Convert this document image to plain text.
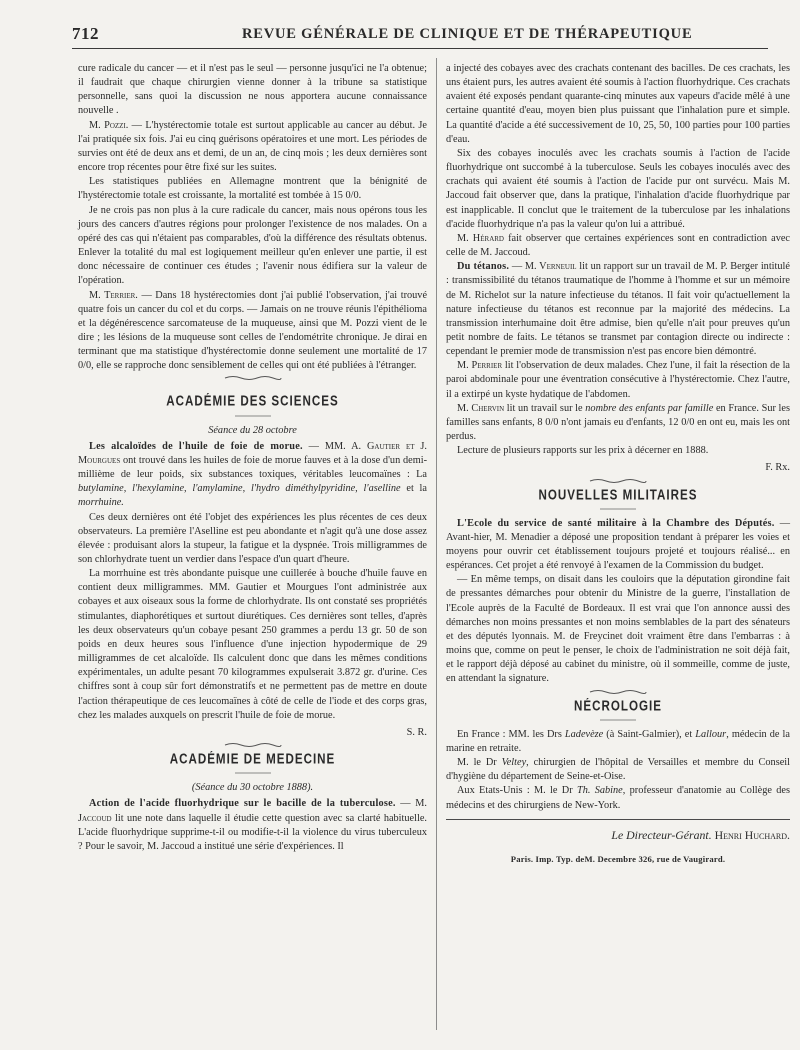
712	REVUE GÉNÉRALE DE CLINIQUE ET DE THÉRAPEUTIQUE

cure radicale du cancer — et il n'est pas le seul — personne jusqu'ici ne l'a obtenue; il faudrait que chaque chirurgien vienne donner à la tribune sa statistique personnelle, sans quoi la discussion ne nous apportera aucune connaissance nouvelle .

M. Pozzi. — L'hystérectomie totale est surtout applicable au cancer au début. Je l'ai pratiquée six fois. J'ai eu cinq guérisons opératoires et une mort. Les périodes de survies ont été de deux ans et demi, de un an, de cinq mois ; les deux dernières sont encore trop récentes pour être fixé sur les suites.

Les statistiques publiées en Allemagne montrent que la bénignité de l'hystérectomie totale est croissante, la mortalité est tombée à 15 0/0.

Je ne crois pas non plus à la cure radicale du cancer, mais nous opérons tous les jours des cancers d'autres régions pour prolonger l'existence de nos malades. On a opéré des cas qui n'étaient pas comparables, d'où la différence des résultats obtenus. Enlever la totalité du mal est logiquement meilleur qu'en enlever une partie, il est donc nécessaire de continuer ces études ; l'avenir nous édifiera sur la valeur de l'opération.

M. Terrier. — Dans 18 hystérectomies dont j'ai publié l'observation, j'ai trouvé quatre fois un cancer du col et du corps. — Jamais on ne trouve réunis l'épithélioma et la dégénérescence sarcomateuse de la muqueuse, ainsi que M. Pozzi vient de le dire ; les lésions de la muqueuse sont celles de l'endométrite chronique. Je dirai en terminant que ma statistique d'hystérectomie donne seulement une mortalité de 17 0/0, elle se rapproche donc sensiblement de celles qui ont été publiées à l'étranger.

ACADÉMIE DES SCIENCES

Séance du 28 octobre

Les alcaloïdes de l'huile de foie de morue. — MM. A. Gautier et J. Mourgues ont trouvé dans les huiles de foie de morue fauves et à la dose d'un demi-millième de leur poids, six substances toxiques, véritables leucomaïnes : La butylamine, l'hexylamine, l'amylamine, l'hydro diméthylpyridine, l'aselline et la morrhuine.

Ces deux dernières ont été l'objet des expériences les plus récentes de ces deux observateurs. La première l'Aselline est peu abondante et n'agit qu'à une dose assez élevée : produisant alors la stupeur, la fatigue et la dyspnée. Trois milligrammes de son chlorhydrate tuent un verdier dans l'espace d'un quart d'heure.

La morrhuine est très abondante puisque une cuillerée à bouche d'huile fauve en contient deux milligrammes. MM. Gautier et Mourgues l'ont administrée aux cobayes et aux oiseaux sous la forme de chlorhydrate. Ils ont constaté ses propriétés stimulantes, diaphorétiques et surtout diurétiques. Ces dernières sont telles, d'après les deux observateurs qu'un cobaye pesant 250 grammes a perdu 13 gr. 50 de son poids en deux heures sous l'influence d'une injection hypodermique de 29 milligrammes de cet alcaloïde. Ils calculent donc que dans les mêmes conditions expérimentales, un adulte pesant 70 kilogrammes expulserait 3.872 gr. d'urine. Ces chiffres sont à coup sûr fort démonstratifs et ne permettent pas de mettre en doute l'action thérapeutique de ces leucomaïnes à côté de celle de l'iode et des corps gras, chez les malades auxquels on prescrit l'huile de foie de morue.

S. R.

ACADÉMIE DE MEDECINE

(Séance du 30 octobre 1888).

Action de l'acide fluorhydrique sur le bacille de la tuberculose. — M. Jaccoud lit une note dans laquelle il étudie cette question avec sa clarté habituelle. L'acide fluorhydrique supprime-t-il ou modifie-t-il la violence du virus tuberculeux ? Pour le savoir, M. Jaccoud a institué une série d'expériences. Il

a injecté des cobayes avec des crachats contenant des bacilles. De ces crachats, les uns étaient purs, les autres avaient été soumis à l'action fluorhydrique. Ces crachats avaient été exposés pendant quarante-cinq minutes aux vapeurs d'acide mêlé à une certaine quantité d'eau, moyen bien plus puissant que l'inhalation pure et simple. La quantité d'acide a été successivement de 10, 25, 50, 100 parties pour 100 parties d'eau.

Six des cobayes inoculés avec les crachats soumis à l'action de l'acide fluorhydrique ont succombé à la tuberculose. Seuls les cobayes inoculés avec des crachats qui avaient été soumis à l'action de l'acide pur ont survécu. Mais M. Jaccoud fait observer que, dans la pratique, l'inhalation d'acide fluorhydrique par est inapplicable. Il conclut que le traitement de la tuberculose par les inhalations d'acide fluorhydrique n'a pas la valeur qu'on lui a attribué.

M. Hérard fait observer que certaines expériences sont en contradiction avec celle de M. Jaccoud.

Du tétanos. — M. Verneuil lit un rapport sur un travail de M. P. Berger intitulé : transmissibilité du tétanos traumatique de l'homme à l'homme et sur un mémoire de M. Richelot sur la nature infectieuse du tétanos. Il fait voir qu'actuellement la nature infectieuse du tétanos est reconnue par la majorité des médecins. La transmission interhumaine doit être admise, bien qu'elle n'ait pour preuves qu'un petit nombre de faits. Le tétanos se transmet par contagion directe ou indirecte : cependant le premier mode de transmission n'est pas encore bien démontré.

M. Perrier lit l'observation de deux malades. Chez l'une, il fait la résection de la paroi abdominale pour une éventration consécutive à l'hystérectomie. Chez l'autre, il a extirpé un kyste hydatique de l'abdomen.

M. Chervin lit un travail sur le nombre des enfants par famille en France. Sur les familles sans enfants, 8 0/0 n'ont jamais eu d'enfants, 12 0/0 en ont eu, mais les ont perdus.

Lecture de plusieurs rapports sur les prix à décerner en 1888.

F. Rx.

NOUVELLES MILITAIRES

L'Ecole du service de santé militaire à la Chambre des Députés. — Avant-hier, M. Menadier a déposé une proposition tendant à préparer les voies et moyens pour ouvrir cet établissement toujours projeté et toujours réalisé... en espérances. Cet projet a été renvoyé à l'examen de la Commission du budget.

— En même temps, on disait dans les couloirs que la députation girondine fait de pressantes démarches pour obtenir du Ministre de la guerre, l'installation de l'Ecole auprès de la Faculté de Bordeaux. Il est vrai que l'on annonce aussi des démarches non moins pressantes et non moins semblables de la part des sénateurs et des députés lyonnais. M. de Freycinet doit vraiment être dans l'embarras : à moins que, comme on peut le penser, le choix de l'administration ne soit déjà fait, et le rapport déjà déposé au cabinet du ministre, où il sommeille, comme de juste, en attendant la signature.

NÉCROLOGIE

En France : MM. les Drs Ladevèze (à Saint-Galmier), et Lallour, médecin de la marine en retraite.

M. le Dr Veltey, chirurgien de l'hôpital de Versailles et membre du Conseil d'hygiène du département de Seine-et-Oise.

Aux Etats-Unis : M. le Dr Th. Sabine, professeur d'anatomie au Collège des médecins et des chirurgiens de New-York.

Le Directeur-Gérant. Henri Huchard.

Paris. Imp. Typ. deM. Decembre 326, rue de Vaugirard.
